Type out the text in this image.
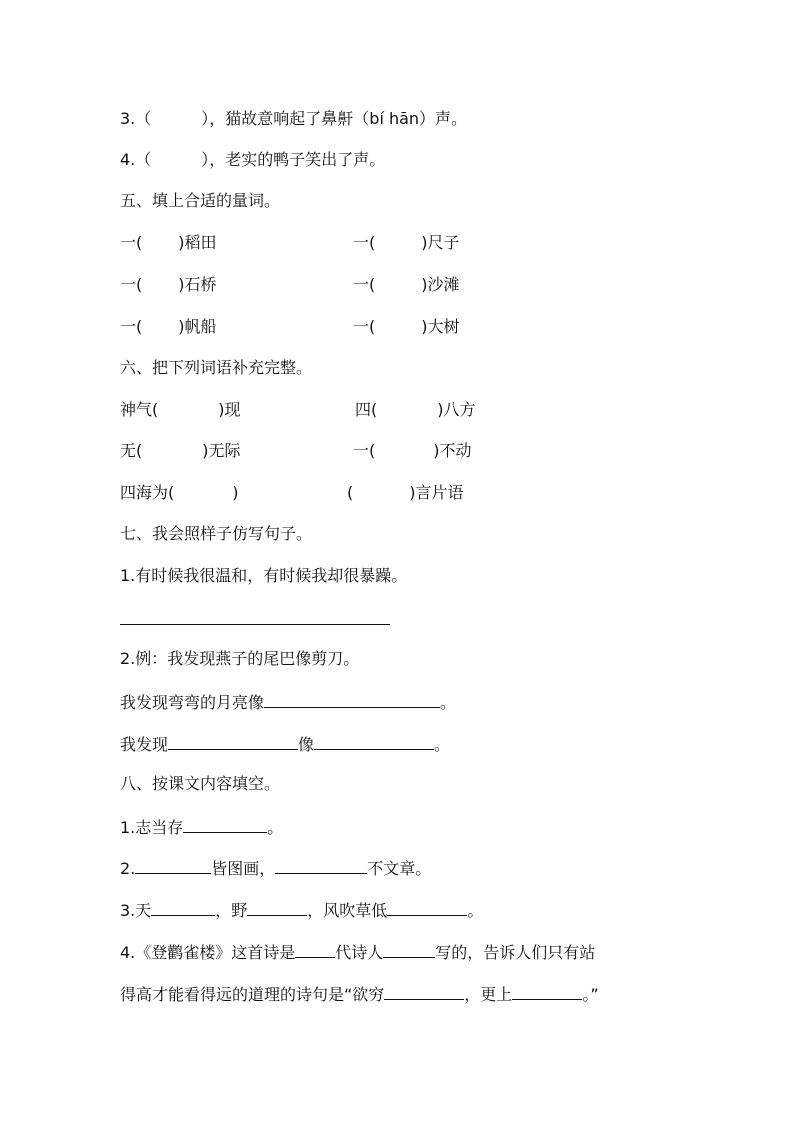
3.（	），猫故意响起了鼻鼾（bí hān）声。
4.（	），老实的鸭子笑出了声。
五、填上合适的量词。
一( )稻田	一(	)尺子
一( )石桥	一(	)沙滩
一( )帆船	一(	)大树
六、把下列词语补充完整。
神气(	)现	四(	)八方
无(	)无际	一(	)不动
四海为(	)	(	)言片语
七、我会照样子仿写句子。
1.有时候我很温和，有时候我却很暴躁。
2.例：我发现燕子的尾巴像剪刀。
我发现弯弯的月亮像	。
我发现	像	。
八、按课文内容填空。
1.志当存	。
2.	皆图画，	不文章。
3.天	，野	，风吹草低	。
4.《登鹳雀楼》这首诗是	代诗人	写的，告诉人们只有站
得高才能看得远的道理的诗句是“欲穷	，更上	。”
